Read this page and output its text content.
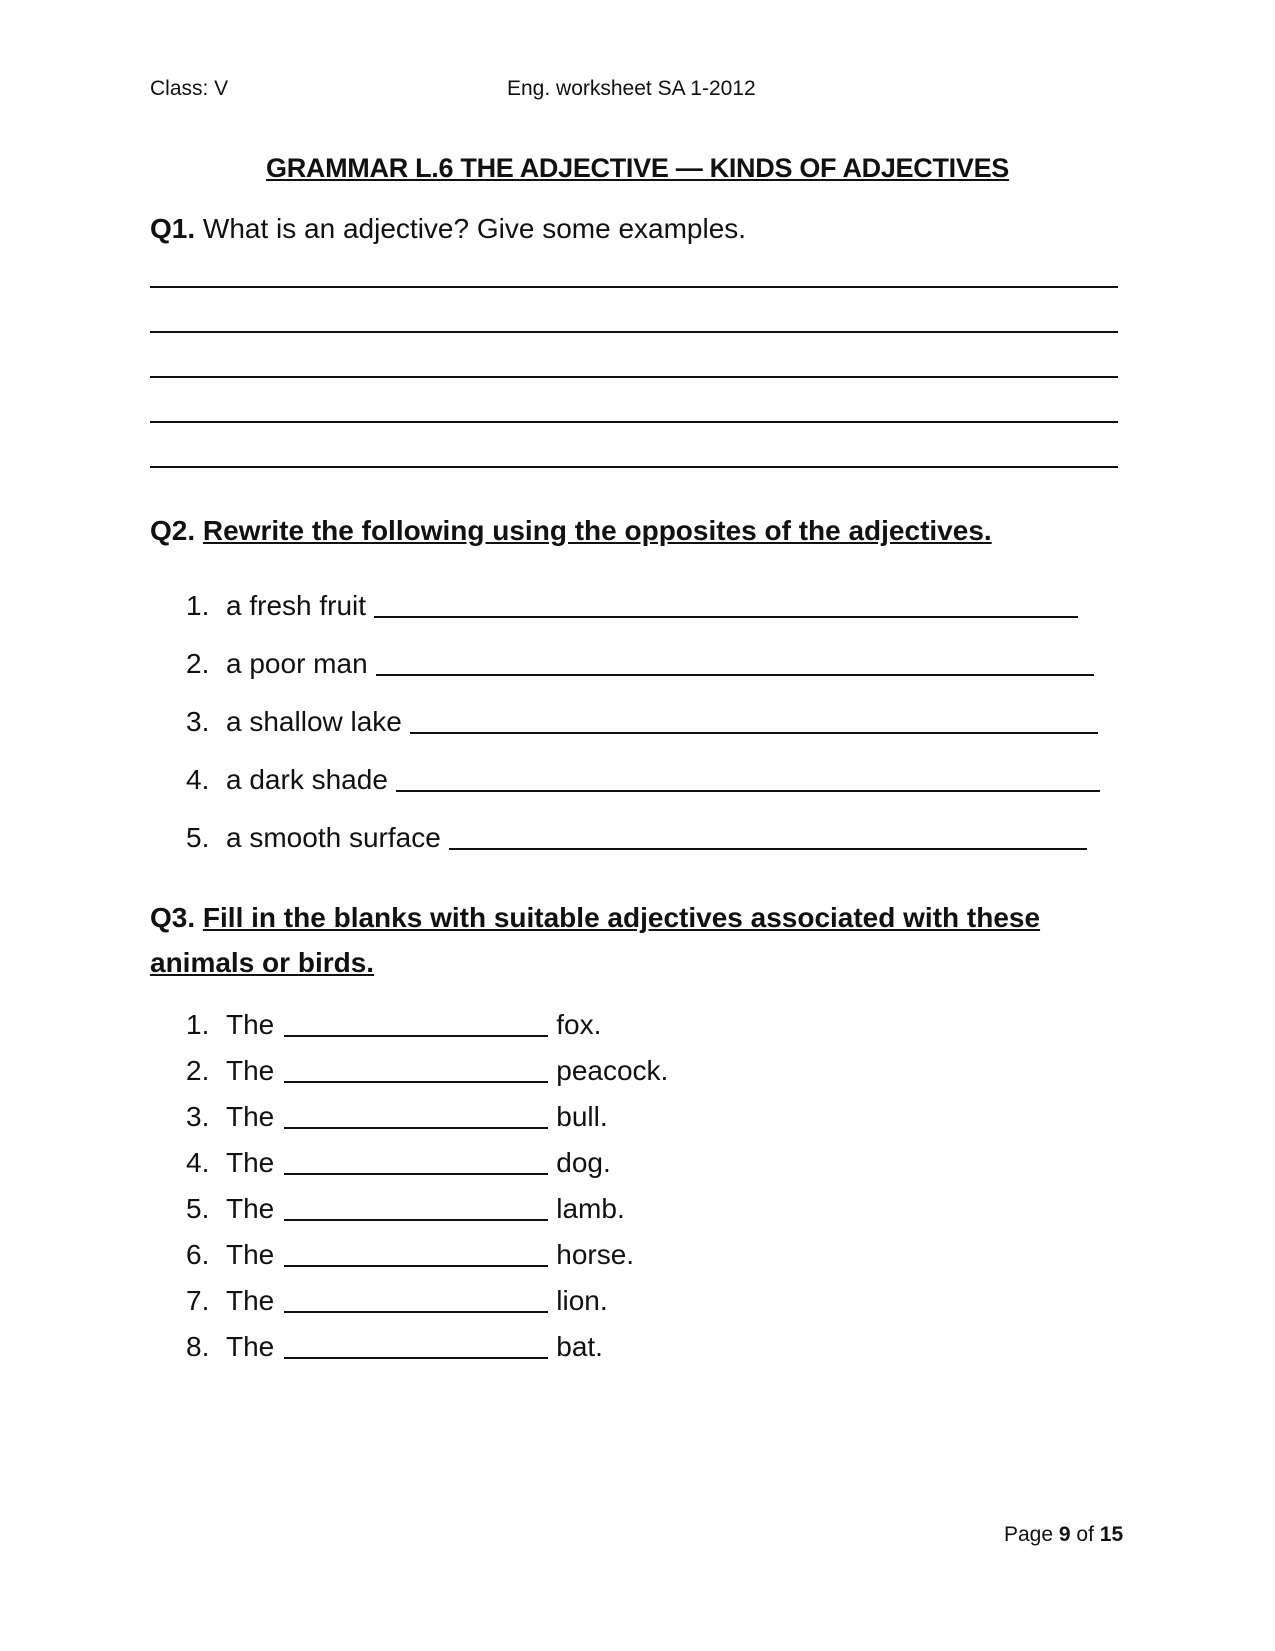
Class: V	Eng. worksheet SA 1-2012
GRAMMAR L.6 THE ADJECTIVE — KINDS OF ADJECTIVES
Q1. What is an adjective? Give some examples.
Q2. Rewrite the following using the opposites of the adjectives.
1. a fresh fruit
2. a poor man
3. a shallow lake
4. a dark shade
5. a smooth surface
Q3. Fill in the blanks with suitable adjectives associated with these
animals or birds.
1. The	fox.
2. The	peacock.
3. The	bull.
4. The	dog.
5. The	lamb.
6. The	horse.
7. The	lion.
8. The	bat.
Page 9 of 15
